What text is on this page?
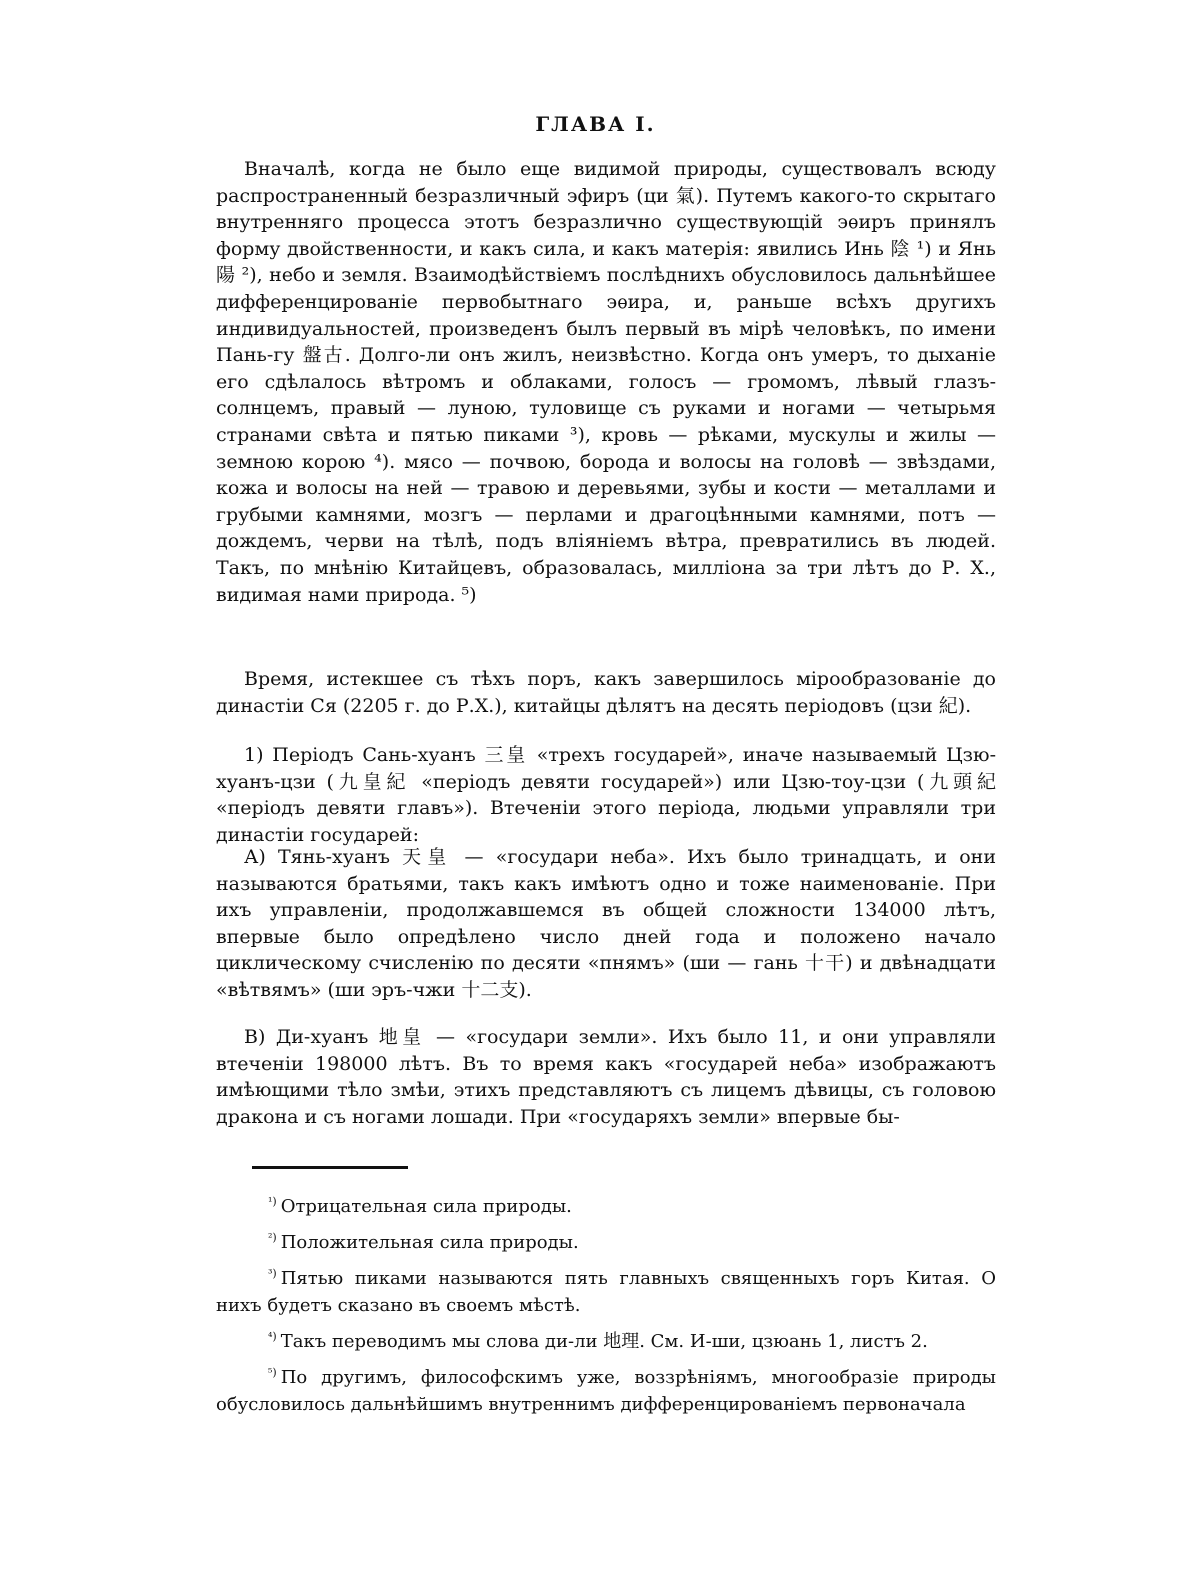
ГЛАВА I.

Вначалѣ, когда не было еще видимой природы, существовалъ всюду распространенный безразличный эфиръ (ци 氣). Путемъ какого-то скрытаго внутренняго процесса этотъ безразлично существующій эѳиръ принялъ форму двойственности, и какъ сила, и какъ матерія: явились Инь 陰 ¹) и Янь 陽 ²), небо и земля. Взаимодѣйствіемъ послѣднихъ обусловилось дальнѣйшее дифференцированіе первобытнаго эѳира, и, раньше всѣхъ другихъ индивидуальностей, произведенъ былъ первый въ мірѣ человѣкъ, по имени Пань-гу 盤古. Долго-ли онъ жилъ, неизвѣстно. Когда онъ умеръ, то дыханіе его сдѣлалось вѣтромъ и облаками, голосъ — громомъ, лѣвый глазъ-солнцемъ, правый — луною, туловище съ руками и ногами — четырьмя странами свѣта и пятью пиками ³), кровь — рѣками, мускулы и жилы — земною корою ⁴). мясо — почвою, борода и волосы на головѣ — звѣздами, кожа и волосы на ней — травою и деревьями, зубы и кости — металлами и грубыми камнями, мозгъ — перлами и драгоцѣнными камнями, потъ — дождемъ, черви на тѣлѣ, подъ вліяніемъ вѣтра, превратились въ людей. Такъ, по мнѣнію Китайцевъ, образовалась, милліона за три лѣтъ до Р. Х., видимая нами природа. ⁵)

Время, истекшее съ тѣхъ поръ, какъ завершилось мірообразованіе до династіи Ся (2205 г. до Р.Х.), китайцы дѣлятъ на десять періодовъ (цзи 紀).

1) Періодъ Сань-хуанъ 三皇 «трехъ государей», иначе называемый Цзю-хуанъ-цзи (九皇紀 «періодъ девяти государей») или Цзю-тоу-цзи (九頭紀 «періодъ девяти главъ»). Втеченіи этого періода, людьми управляли три династіи государей:

А) Тянь-хуанъ 天皇 — «государи неба». Ихъ было тринадцать, и они называются братьями, такъ какъ имѣютъ одно и тоже наименованіе. При ихъ управленіи, продолжавшемся въ общей сложности 134000 лѣтъ, впервые было опредѣлено число дней года и положено начало циклическому счисленію по десяти «пнямъ» (ши — гань 十干) и двѣнадцати «вѣтвямъ» (ши эръ-чжи 十二支).

В) Ди-хуанъ 地皇 — «государи земли». Ихъ было 11, и они управляли втеченіи 198000 лѣтъ. Въ то время какъ «государей неба» изображаютъ имѣющими тѣло змѣи, этихъ представляютъ съ лицемъ дѣвицы, съ головою дракона и съ ногами лошади. При «государяхъ земли» впервые бы-

$^{^1)}$ Отрицательная сила природы.

$^{^2)}$ Положительная сила природы.

$^{^3)}$ Пятью пиками называются пять главныхъ священныхъ горъ Китая. О нихъ будетъ сказано въ своемъ мѣстѣ.

$^{^4)}$ Такъ переводимъ мы слова ди-ли 地理. См. И-ши, цзюань 1, листъ 2.

$^{^5)}$ По другимъ, философскимъ уже, воззрѣніямъ, многообразіе природы обусловилось дальнѣйшимъ внутреннимъ дифференцированіемъ первоначала
